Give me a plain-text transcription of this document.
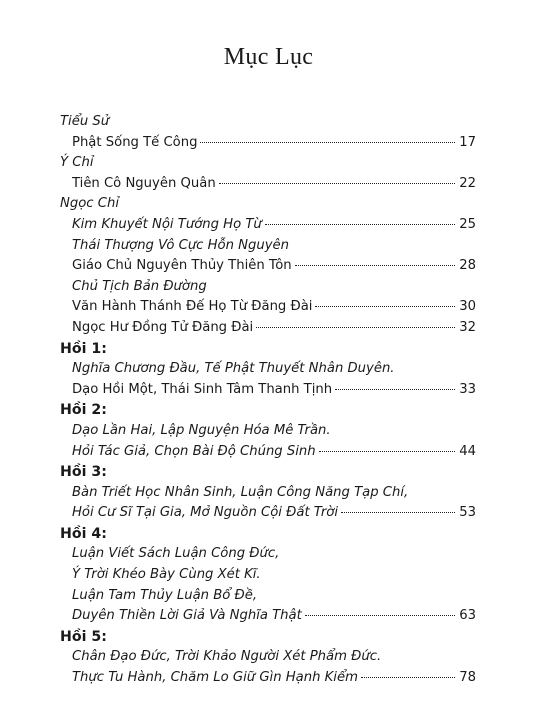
Mục Lục
Tiểu Sử
Phật Sống Tế Công	17
Ý Chỉ
Tiên Cô Nguyên Quân	22
Ngọc Chỉ
Kim Khuyết Nội Tướng Họ Từ	25
Thái Thượng Vô Cực Hỗn Nguyên
Giáo Chủ Nguyên Thủy Thiên Tôn	28
Chủ Tịch Bản Đường
Văn Hành Thánh Đế Họ Từ Đăng Đài	30
Ngọc Hư Đồng Tử Đăng Đài	32
Hồi 1:
Nghĩa Chương Đầu, Tế Phật Thuyết Nhân Duyên.
Dạo Hồi Một, Thái Sinh Tâm Thanh Tịnh	33
Hồi 2:
Dạo Lần Hai, Lập Nguyện Hóa Mê Trần.
Hỏi Tác Giả, Chọn Bài Độ Chúng Sinh	44
Hồi 3:
Bàn Triết Học Nhân Sinh, Luận Công Năng Tạp Chí,
Hỏi Cư Sĩ Tại Gia, Mở Nguồn Cội Đất Trời	53
Hồi 4:
Luận Viết Sách Luận Công Đức,
Ý Trời Khéo Bày Cùng Xét Kĩ.
Luận Tam Thủy Luận Bổ Đề,
Duyên Thiền Lời Giả Và Nghĩa Thật	63
Hồi 5:
Chân Đạo Đức, Trời Khảo Người Xét Phẩm Đức.
Thực Tu Hành, Chăm Lo Giữ Gìn Hạnh Kiểm	78
